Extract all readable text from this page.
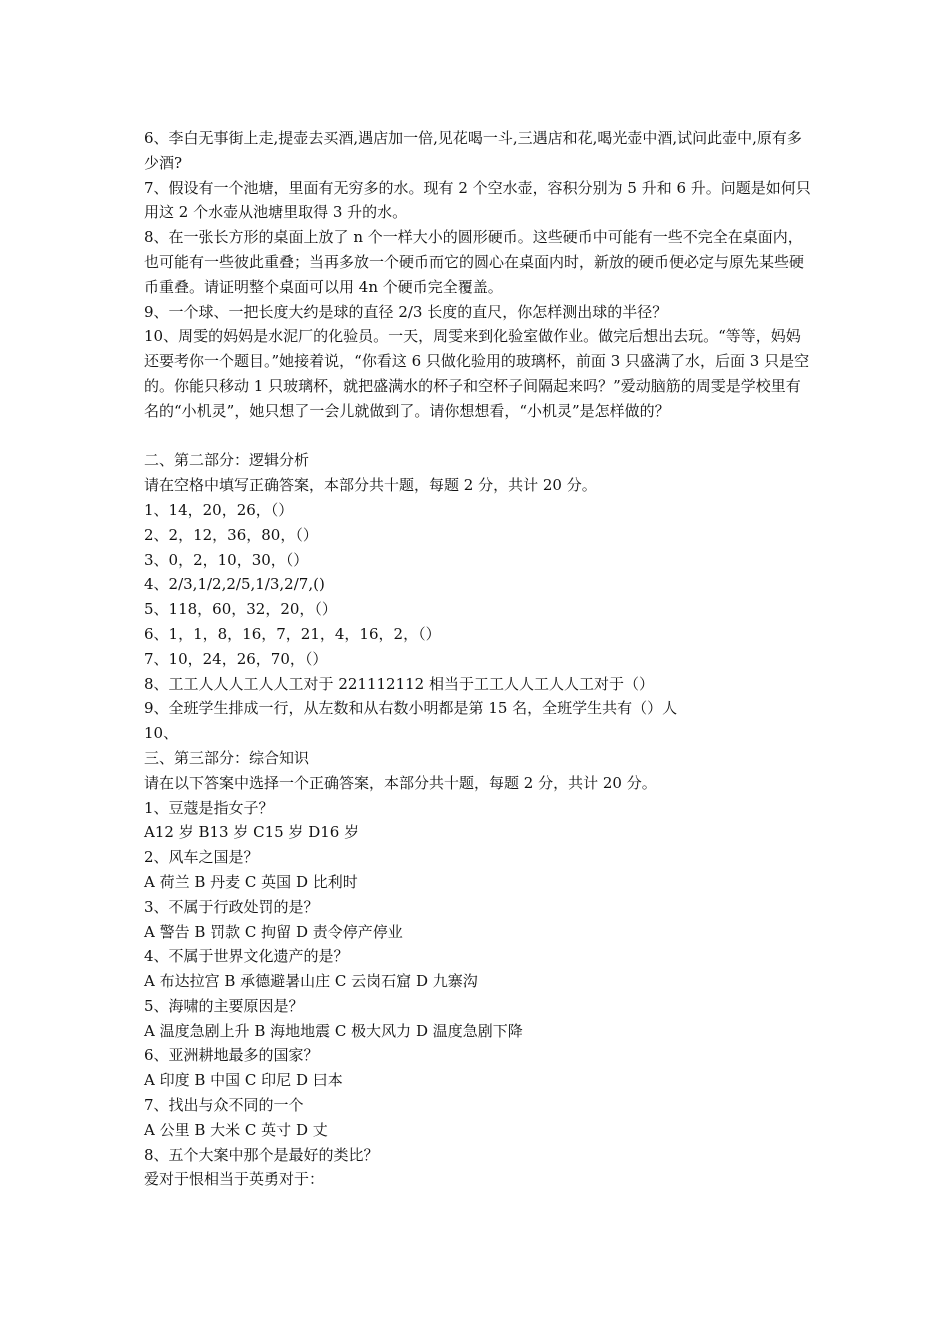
6、李白无事街上走,提壶去买酒,遇店加一倍,见花喝一斗,三遇店和花,喝光壶中酒,试问此壶中,原有多少酒?

7、假设有一个池塘，里面有无穷多的水。现有 2 个空水壶，容积分别为 5 升和 6 升。问题是如何只用这 2 个水壶从池塘里取得 3 升的水。

8、在一张长方形的桌面上放了 n 个一样大小的圆形硬币。这些硬币中可能有一些不完全在桌面内，也可能有一些彼此重叠；当再多放一个硬币而它的圆心在桌面内时，新放的硬币便必定与原先某些硬币重叠。请证明整个桌面可以用 4n 个硬币完全覆盖。

9、一个球、一把长度大约是球的直径 2/3 长度的直尺，你怎样测出球的半径？

10、周雯的妈妈是水泥厂的化验员。一天，周雯来到化验室做作业。做完后想出去玩。“等等，妈妈还要考你一个题目。”她接着说，“你看这 6 只做化验用的玻璃杯，前面 3 只盛满了水，后面 3 只是空的。你能只移动 1 只玻璃杯，就把盛满水的杯子和空杯子间隔起来吗？”爱动脑筋的周雯是学校里有名的“小机灵”，她只想了一会儿就做到了。请你想想看，“小机灵”是怎样做的？

二、第二部分：逻辑分析

请在空格中填写正确答案，本部分共十题，每题 2 分，共计 20 分。

1、14，20，26，（）

2、2，12，36，80，（）

3、0，2，10，30，（）

4、2/3,1/2,2/5,1/3,2/7,()

5、118，60，32，20，（）

6、1，1，8，16，7，21，4，16，2，（）

7、10，24，26，70，（）

8、工工人人人工人人工对于 221112112 相当于工工人人工人人工对于（）

9、全班学生排成一行，从左数和从右数小明都是第 15 名，全班学生共有（）人

10、

三、第三部分：综合知识

请在以下答案中选择一个正确答案，本部分共十题，每题 2 分，共计 20 分。

1、豆蔻是指女子？

A12 岁 B13 岁 C15 岁 D16 岁

2、风车之国是？

A 荷兰 B 丹麦 C 英国 D 比利时

3、不属于行政处罚的是？

A 警告 B 罚款 C 拘留 D 责令停产停业

4、不属于世界文化遗产的是？

A 布达拉宫 B 承德避暑山庄 C 云岗石窟 D 九寨沟

5、海啸的主要原因是？

A 温度急剧上升 B 海地地震 C 极大风力 D 温度急剧下降

6、亚洲耕地最多的国家？

A 印度 B 中国 C 印尼 D 曰本

7、找出与众不同的一个

A 公里 B 大米 C 英寸 D 丈

8、五个大案中那个是最好的类比？

爱对于恨相当于英勇对于：
